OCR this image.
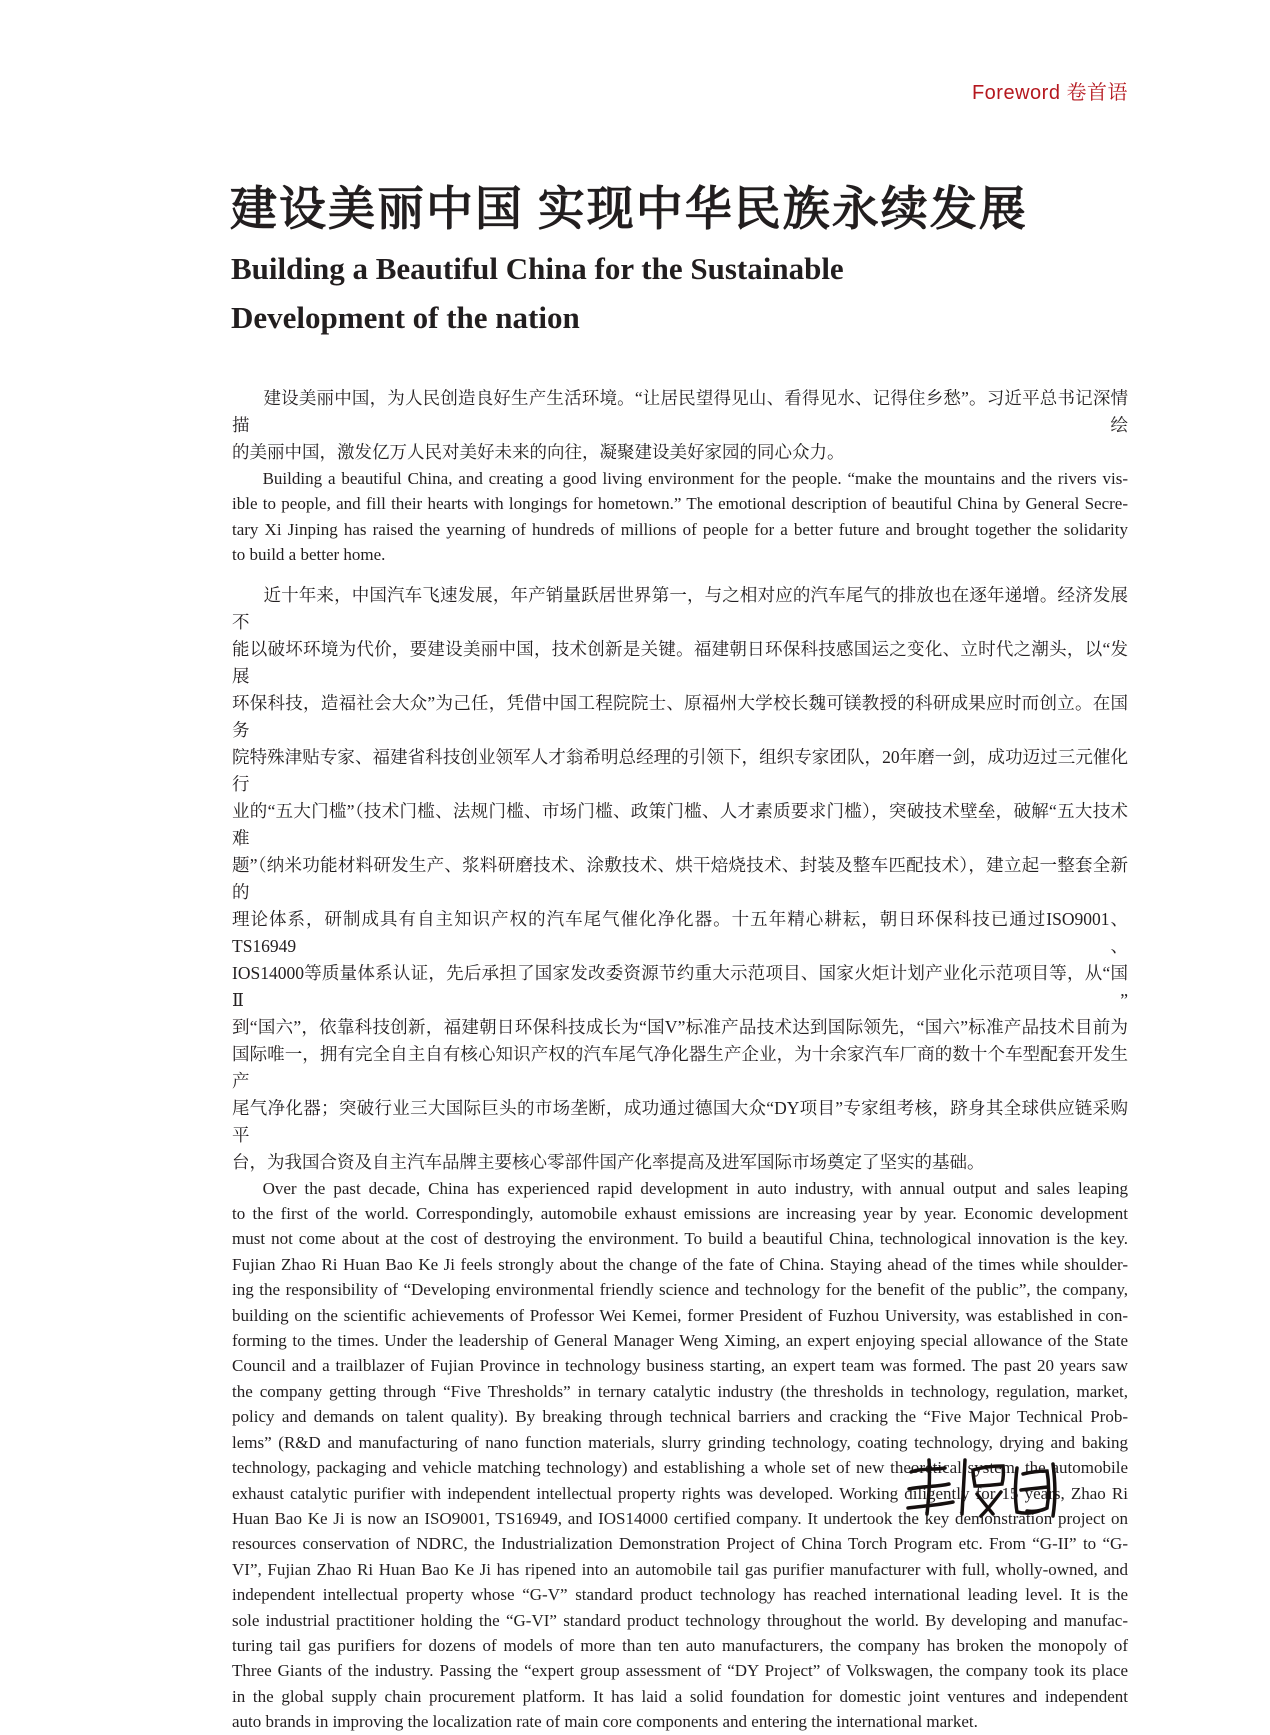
Foreword 卷首语
建设美丽中国 实现中华民族永续发展
Building a Beautiful China for the Sustainable
Development of the nation
建设美丽中国，为人民创造良好生产生活环境。“让居民望得见山、看得见水、记得住乡愁”。习近平总书记深情描绘
的美丽中国，激发亿万人民对美好未来的向往，凝聚建设美好家园的同心众力。
Building a beautiful China, and creating a good living environment for the people. “make the mountains and the rivers vis-
ible to people, and fill their hearts with longings for hometown.” The emotional description of beautiful China by General Secre-
tary Xi Jinping has raised the yearning of hundreds of millions of people for a better future and brought together the solidarity
to build a better home.
近十年来，中国汽车飞速发展，年产销量跃居世界第一，与之相对应的汽车尾气的排放也在逐年递增。经济发展不
能以破坏环境为代价，要建设美丽中国，技术创新是关键。福建朝日环保科技感国运之变化、立时代之潮头，以“发展
环保科技，造福社会大众”为己任，凭借中国工程院院士、原福州大学校长魏可镁教授的科研成果应时而创立。在国务
院特殊津贴专家、福建省科技创业领军人才翁希明总经理的引领下，组织专家团队，20年磨一剑，成功迈过三元催化行
业的“五大门槛”（技术门槛、法规门槛、市场门槛、政策门槛、人才素质要求门槛），突破技术壁垒，破解“五大技术难
题”（纳米功能材料研发生产、浆料研磨技术、涂敷技术、烘干焙烧技术、封装及整车匹配技术），建立起一整套全新的
理论体系，研制成具有自主知识产权的汽车尾气催化净化器。十五年精心耕耘，朝日环保科技已通过ISO9001、TS16949、
IOS14000等质量体系认证，先后承担了国家发改委资源节约重大示范项目、国家火炬计划产业化示范项目等，从“国Ⅱ”
到“国六”，依靠科技创新，福建朝日环保科技成长为“国V”标准产品技术达到国际领先，“国六”标准产品技术目前为
国际唯一，拥有完全自主自有核心知识产权的汽车尾气净化器生产企业，为十余家汽车厂商的数十个车型配套开发生产
尾气净化器；突破行业三大国际巨头的市场垄断，成功通过德国大众“DY项目”专家组考核，跻身其全球供应链采购平
台，为我国合资及自主汽车品牌主要核心零部件国产化率提高及进军国际市场奠定了坚实的基础。
Over the past decade, China has experienced rapid development in auto industry, with annual output and sales leaping
to the first of the world. Correspondingly, automobile exhaust emissions are increasing year by year. Economic development
must not come about at the cost of destroying the environment. To build a beautiful China, technological innovation is the key.
Fujian Zhao Ri Huan Bao Ke Ji feels strongly about the change of the fate of China. Staying ahead of the times while shoulder-
ing the responsibility of “Developing environmental friendly science and technology for the benefit of the public”, the company,
building on the scientific achievements of Professor Wei Kemei, former President of Fuzhou University, was established in con-
forming to the times. Under the leadership of General Manager Weng Ximing, an expert enjoying special allowance of the State
Council and a trailblazer of Fujian Province in technology business starting, an expert team was formed. The past 20 years saw
the company getting through “Five Thresholds” in ternary catalytic industry (the thresholds in technology, regulation, market,
policy and demands on talent quality). By breaking through technical barriers and cracking the “Five Major Technical Prob-
lems” (R&D and manufacturing of nano function materials, slurry grinding technology, coating technology, drying and baking
technology, packaging and vehicle matching technology) and establishing a whole set of new theoretical system, the automobile
exhaust catalytic purifier with independent intellectual property rights was developed. Working diligently for 15 years, Zhao Ri
Huan Bao Ke Ji is now an ISO9001, TS16949, and IOS14000 certified company. It undertook the key demonstration project on
resources conservation of NDRC, the Industrialization Demonstration Project of China Torch Program etc. From “G-II” to “G-
VI”, Fujian Zhao Ri Huan Bao Ke Ji has ripened into an automobile tail gas purifier manufacturer with full, wholly-owned, and
independent intellectual property whose “G-V” standard product technology has reached international leading level. It is the
sole industrial practitioner holding the “G-VI” standard product technology throughout the world. By developing and manufac-
turing tail gas purifiers for dozens of models of more than ten auto manufacturers, the company has broken the monopoly of
Three Giants of the industry. Passing the “expert group assessment of “DY Project” of Volkswagen, the company took its place
in the global supply chain procurement platform. It has laid a solid foundation for domestic joint ventures and independent
auto brands in improving the localization rate of main core components and entering the international market.
